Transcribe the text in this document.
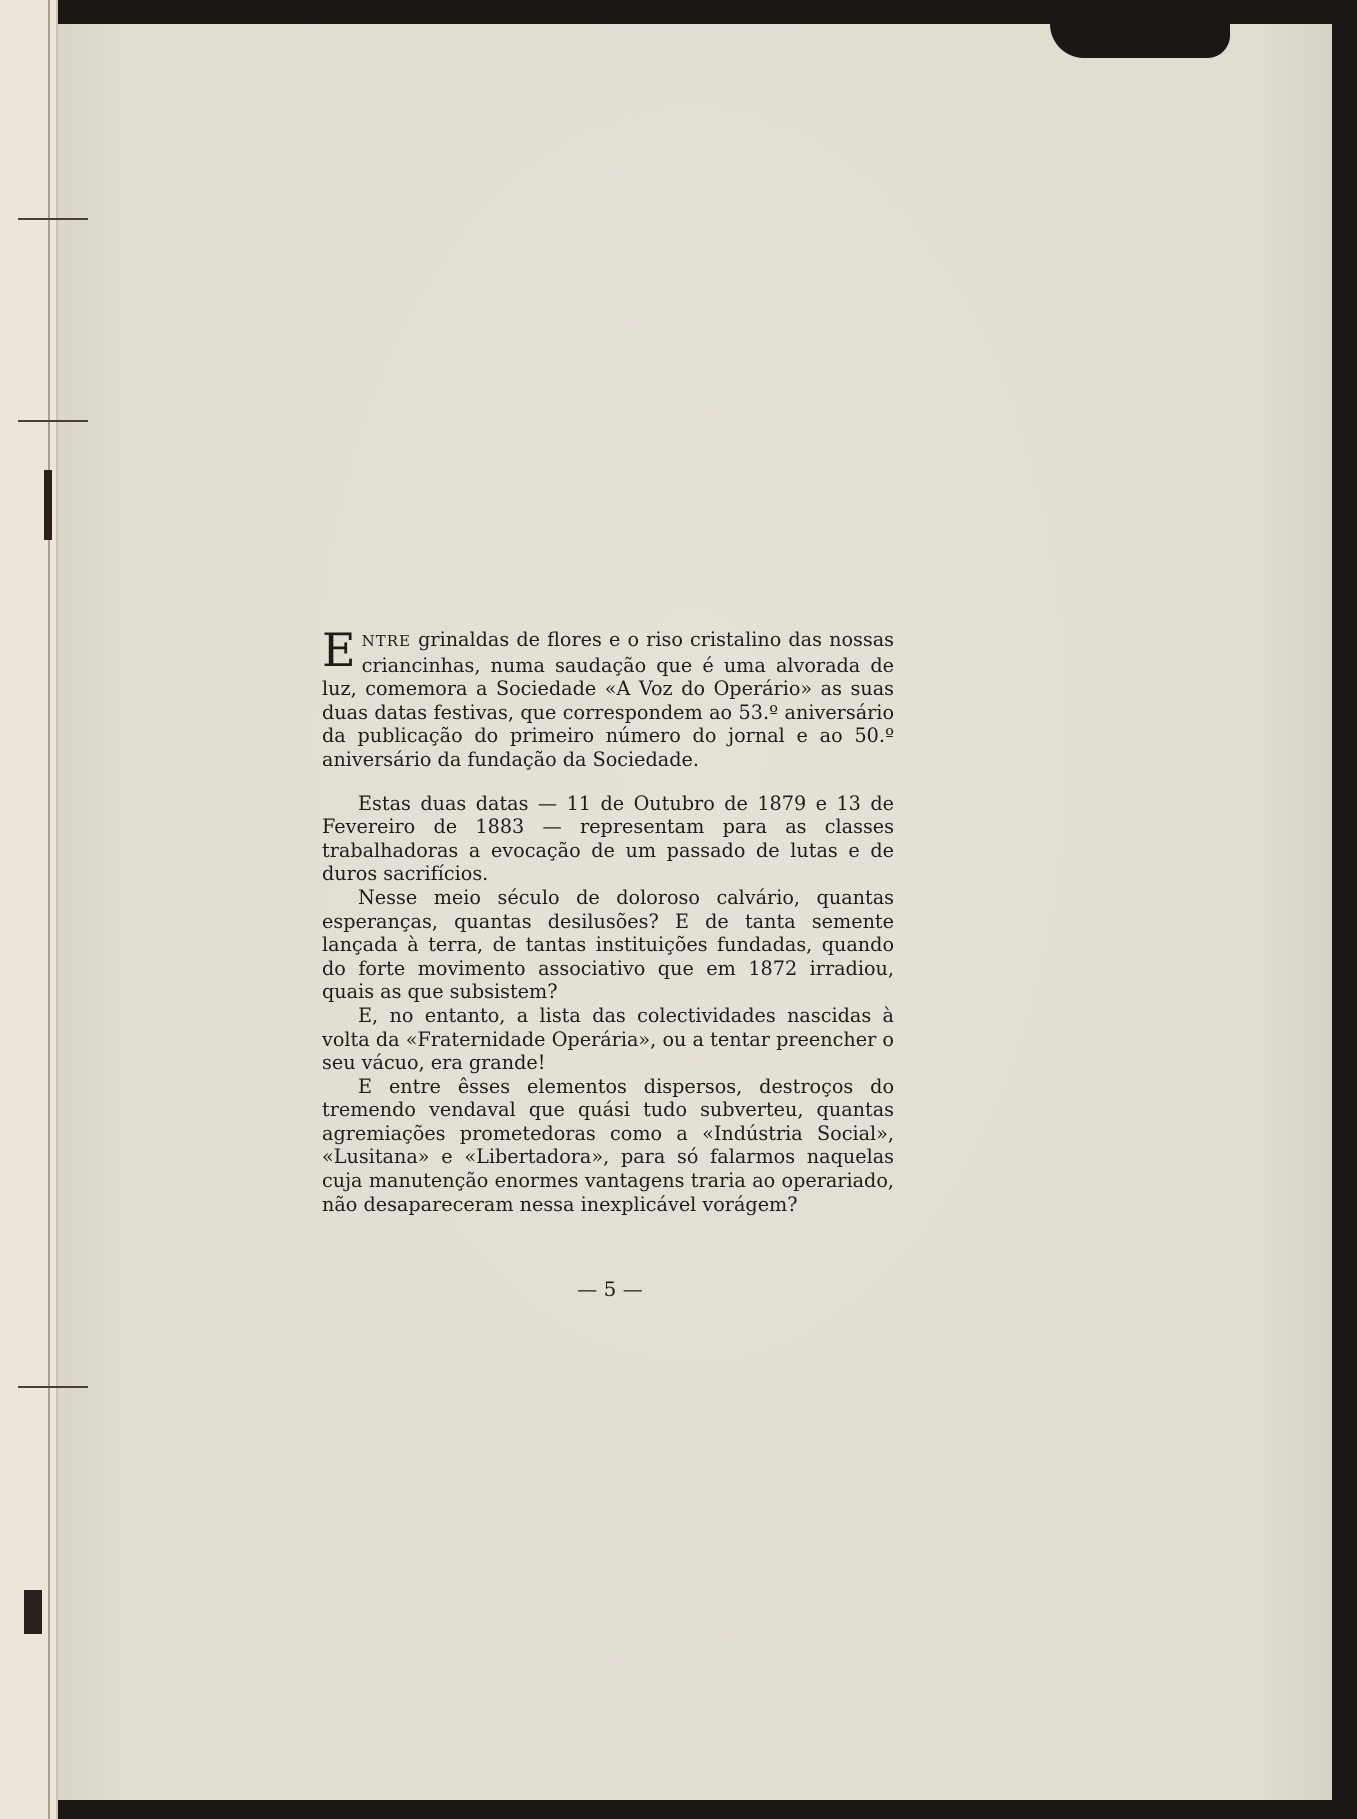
ENTRE grinaldas de flores e o riso cristalino das nossas criancinhas, numa saudação que é uma alvorada de luz, comemora a Sociedade «A Voz do Operário» as suas duas datas festivas, que correspondem ao 53.º aniversário da publicação do primeiro número do jornal e ao 50.º aniversário da fundação da Sociedade.

Estas duas datas — 11 de Outubro de 1879 e 13 de Fevereiro de 1883 — representam para as classes trabalhadoras a evocação de um passado de lutas e de duros sacrifícios.

Nesse meio século de doloroso calvário, quantas esperanças, quantas desilusões? E de tanta semente lançada à terra, de tantas instituições fundadas, quando do forte movimento associativo que em 1872 irradiou, quais as que subsistem?

E, no entanto, a lista das colectividades nascidas à volta da «Fraternidade Operária», ou a tentar preencher o seu vácuo, era grande!

E entre êsses elementos dispersos, destroços do tremendo vendaval que quási tudo subverteu, quantas agremiações prometedoras como a «Indústria Social», «Lusitana» e «Libertadora», para só falarmos naquelas cuja manutenção enormes vantagens traria ao operariado, não desapareceram nessa inexplicável vorágem?

— 5 —
